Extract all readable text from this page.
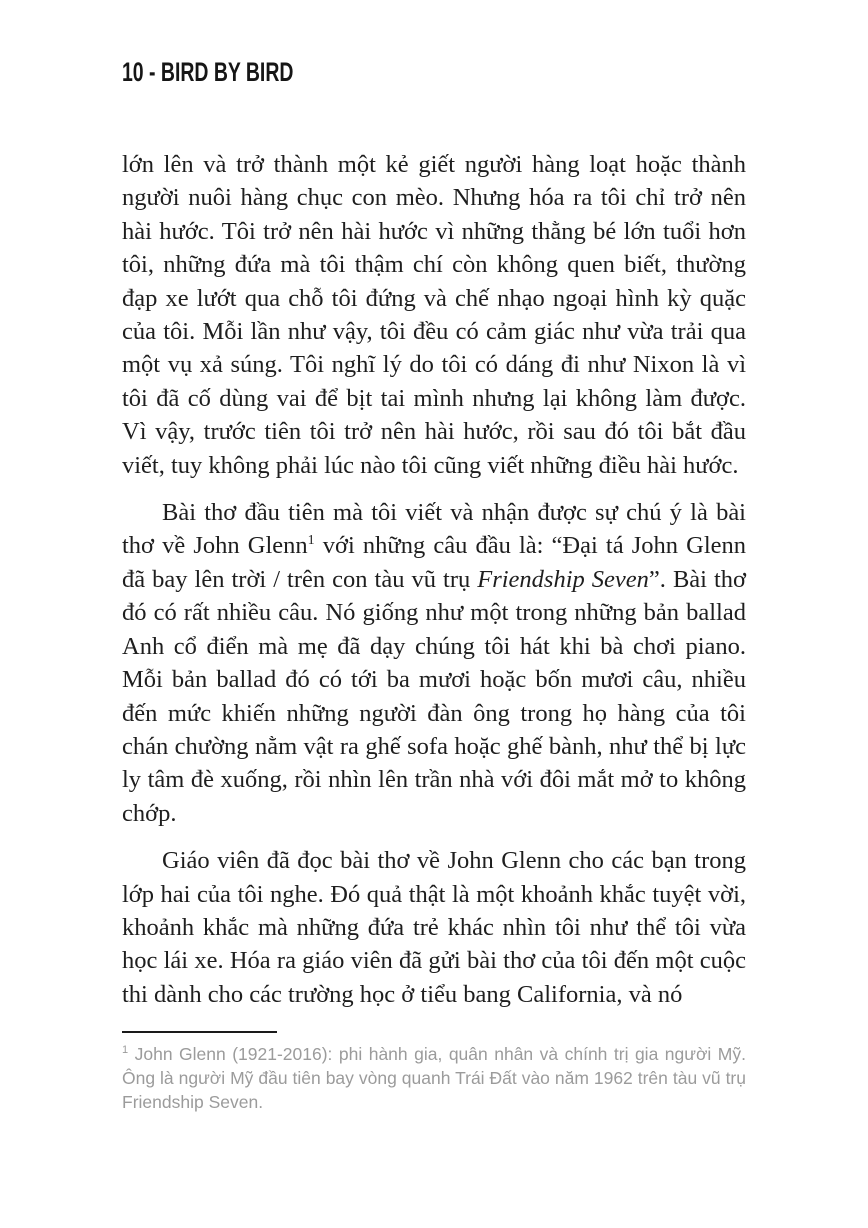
10 - BIRD BY BIRD

lớn lên và trở thành một kẻ giết người hàng loạt hoặc thành người nuôi hàng chục con mèo. Nhưng hóa ra tôi chỉ trở nên hài hước. Tôi trở nên hài hước vì những thằng bé lớn tuổi hơn tôi, những đứa mà tôi thậm chí còn không quen biết, thường đạp xe lướt qua chỗ tôi đứng và chế nhạo ngoại hình kỳ quặc của tôi. Mỗi lần như vậy, tôi đều có cảm giác như vừa trải qua một vụ xả súng. Tôi nghĩ lý do tôi có dáng đi như Nixon là vì tôi đã cố dùng vai để bịt tai mình nhưng lại không làm được. Vì vậy, trước tiên tôi trở nên hài hước, rồi sau đó tôi bắt đầu viết, tuy không phải lúc nào tôi cũng viết những điều hài hước.

Bài thơ đầu tiên mà tôi viết và nhận được sự chú ý là bài thơ về John Glenn$^1$ với những câu đầu là: “Đại tá John Glenn đã bay lên trời / trên con tàu vũ trụ Friendship Seven”. Bài thơ đó có rất nhiều câu. Nó giống như một trong những bản ballad Anh cổ điển mà mẹ đã dạy chúng tôi hát khi bà chơi piano. Mỗi bản ballad đó có tới ba mươi hoặc bốn mươi câu, nhiều đến mức khiến những người đàn ông trong họ hàng của tôi chán chường nằm vật ra ghế sofa hoặc ghế bành, như thể bị lực ly tâm đè xuống, rồi nhìn lên trần nhà với đôi mắt mở to không chớp.

Giáo viên đã đọc bài thơ về John Glenn cho các bạn trong lớp hai của tôi nghe. Đó quả thật là một khoảnh khắc tuyệt vời, khoảnh khắc mà những đứa trẻ khác nhìn tôi như thể tôi vừa học lái xe. Hóa ra giáo viên đã gửi bài thơ của tôi đến một cuộc thi dành cho các trường học ở tiểu bang California, và nó

$^1$ John Glenn (1921-2016): phi hành gia, quân nhân và chính trị gia người Mỹ. Ông là người Mỹ đầu tiên bay vòng quanh Trái Đất vào năm 1962 trên tàu vũ trụ Friendship Seven.
